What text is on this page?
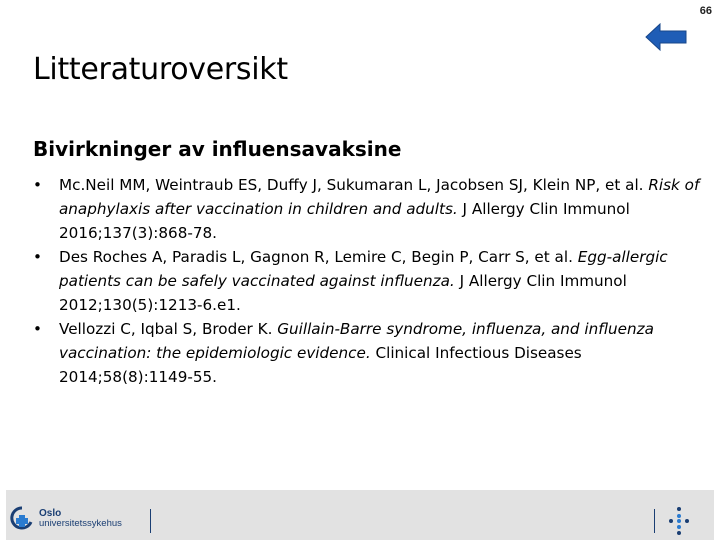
66
Litteraturoversikt
Bivirkninger av influensavaksine
• Mc.Neil MM, Weintraub ES, Duffy J, Sukumaran L, Jacobsen SJ, Klein NP, et al. Risk of anaphylaxis after vaccination in children and adults. J Allergy Clin Immunol 2016;137(3):868-78.
• Des Roches A, Paradis L, Gagnon R, Lemire C, Begin P, Carr S, et al. Egg-allergic patients can be safely vaccinated against influenza. J Allergy Clin Immunol 2012;130(5):1213-6.e1.
• Vellozzi C, Iqbal S, Broder K. Guillain-Barre syndrome, influenza, and influenza vaccination: the epidemiologic evidence. Clinical Infectious Diseases 2014;58(8):1149-55.
Oslo
universitetssykehus
